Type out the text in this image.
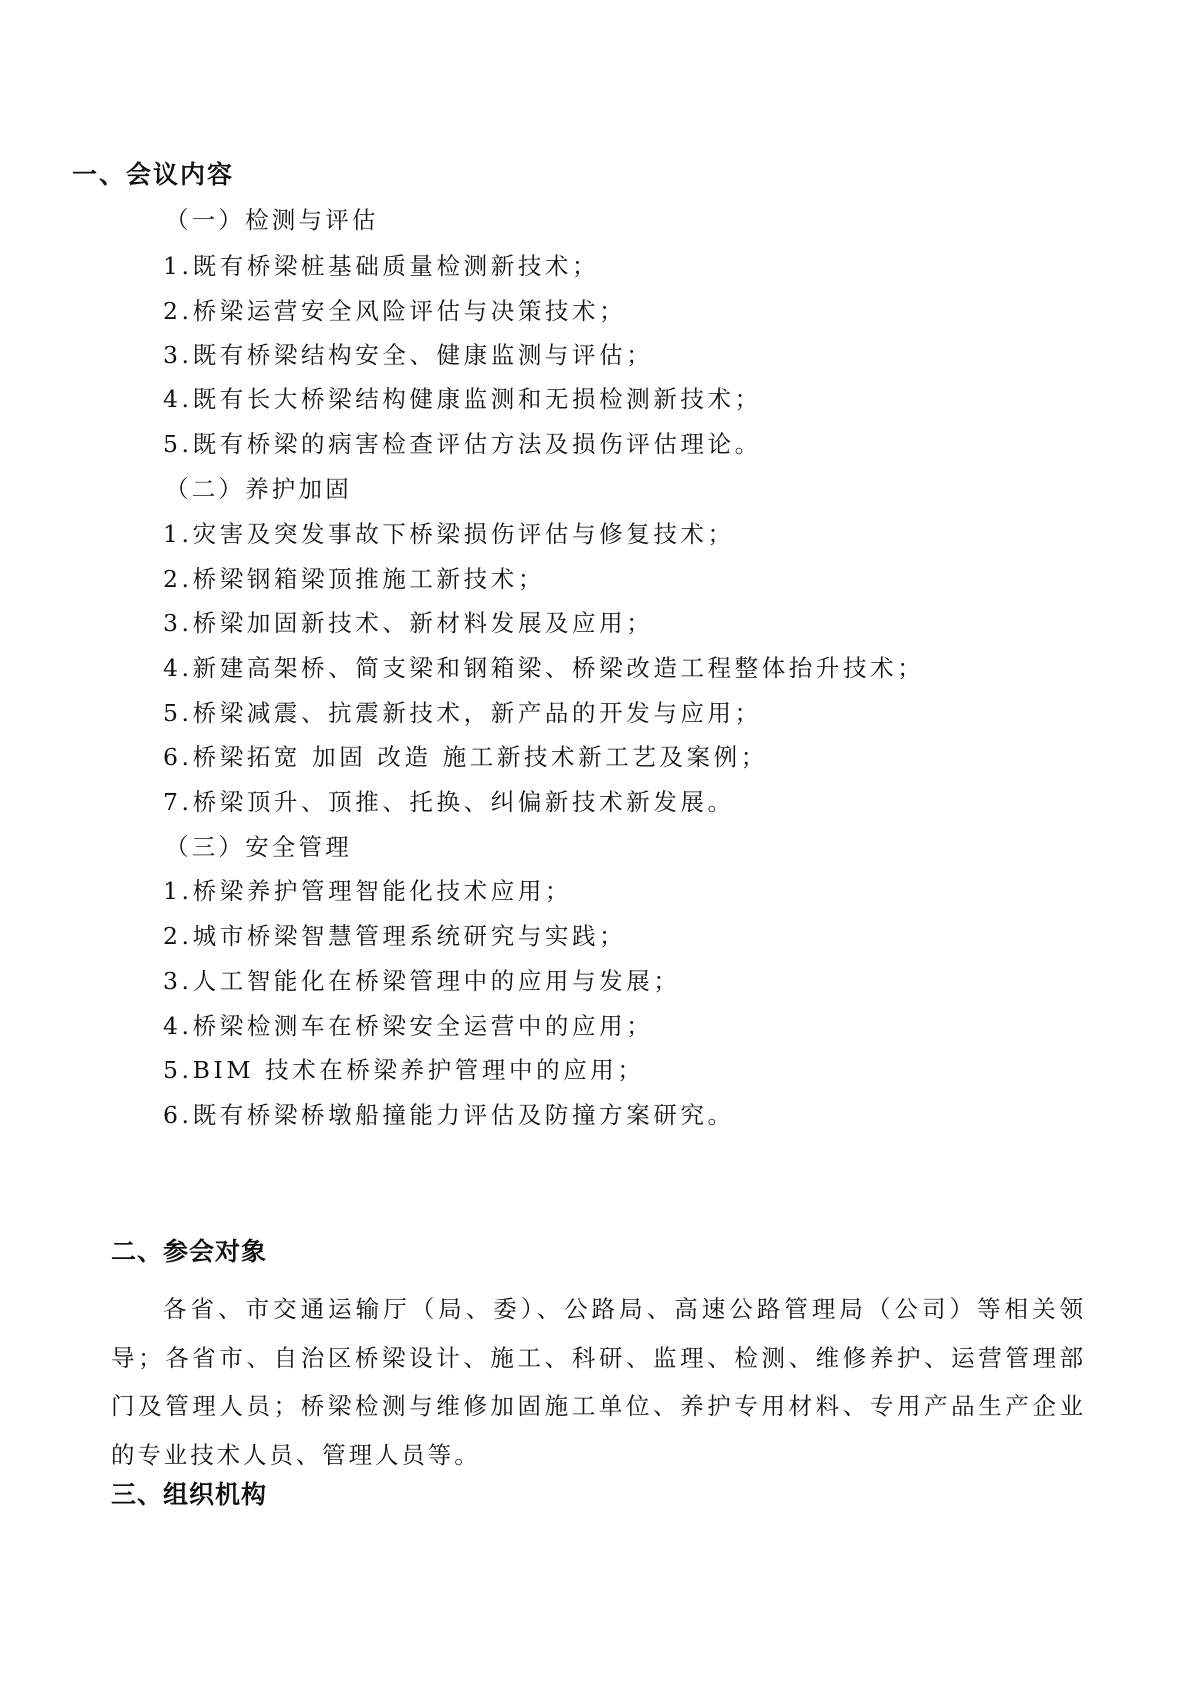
一、会议内容
（一）检测与评估
1.既有桥梁桩基础质量检测新技术；
2.桥梁运营安全风险评估与决策技术；
3.既有桥梁结构安全、健康监测与评估；
4.既有长大桥梁结构健康监测和无损检测新技术；
5.既有桥梁的病害检查评估方法及损伤评估理论。
（二）养护加固
1.灾害及突发事故下桥梁损伤评估与修复技术；
2.桥梁钢箱梁顶推施工新技术；
3.桥梁加固新技术、新材料发展及应用；
4.新建高架桥、简支梁和钢箱梁、桥梁改造工程整体抬升技术；
5.桥梁减震、抗震新技术，新产品的开发与应用；
6.桥梁拓宽 加固 改造 施工新技术新工艺及案例；
7.桥梁顶升、顶推、托换、纠偏新技术新发展。
（三）安全管理
1.桥梁养护管理智能化技术应用；
2.城市桥梁智慧管理系统研究与实践；
3.人工智能化在桥梁管理中的应用与发展；
4.桥梁检测车在桥梁安全运营中的应用；
5.BIM 技术在桥梁养护管理中的应用；
6.既有桥梁桥墩船撞能力评估及防撞方案研究。
二、参会对象
各省、市交通运输厅（局、委）、公路局、高速公路管理局（公司）等相关领导；各省市、自治区桥梁设计、施工、科研、监理、检测、维修养护、运营管理部门及管理人员；桥梁检测与维修加固施工单位、养护专用材料、专用产品生产企业的专业技术人员、管理人员等。
三、组织机构
